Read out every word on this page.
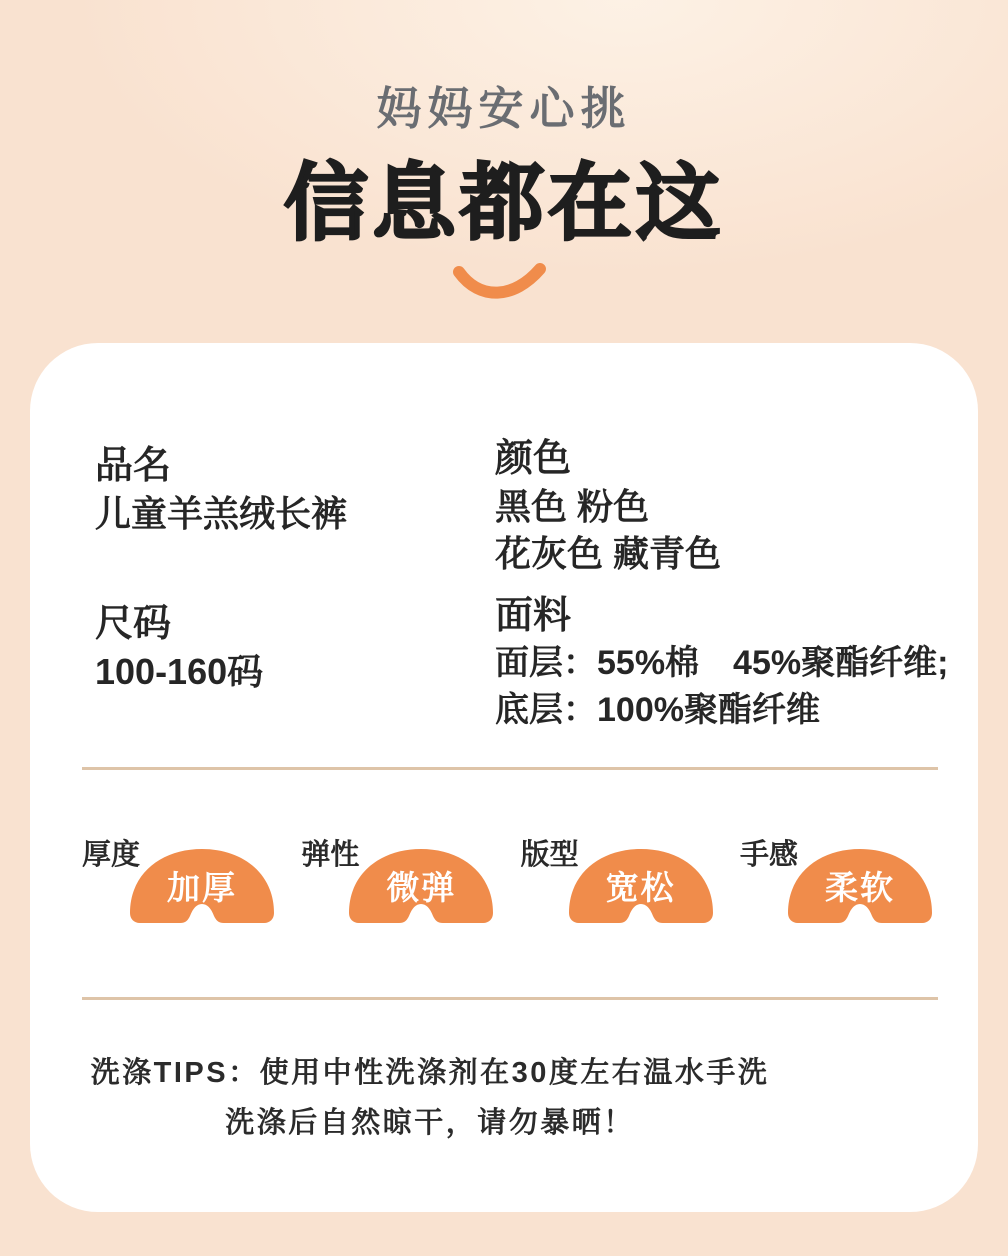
妈妈安心挑
信息都在这
品名
儿童羊羔绒长裤
颜色
黑色 粉色
花灰色 藏青色
尺码
100-160码
面料
面层：55%棉　45%聚酯纤维;
底层：100%聚酯纤维
厚度
加厚
弹性
微弹
版型
宽松
手感
柔软
洗涤TIPS：使用中性洗涤剂在30度左右温水手洗
洗涤后自然晾干，请勿暴晒！
